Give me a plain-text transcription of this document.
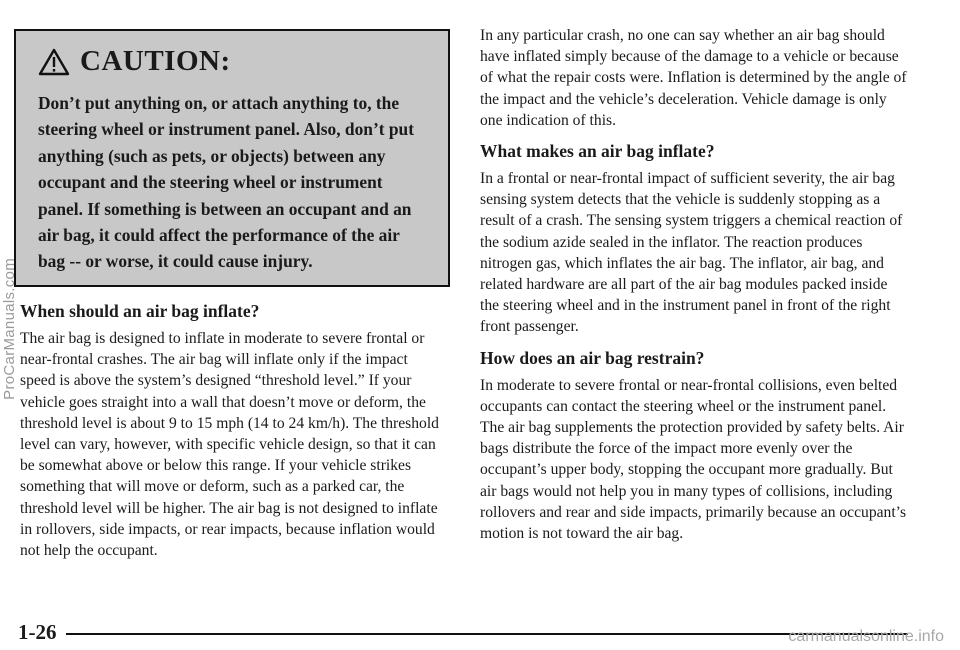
CAUTION:
Don’t put anything on, or attach anything to, the steering wheel or instrument panel. Also, don’t put anything (such as pets, or objects) between any occupant and the steering wheel or instrument panel. If something is between an occupant and an air bag, it could affect the performance of the air bag -- or worse, it could cause injury.
When should an air bag inflate?

The air bag is designed to inflate in moderate to severe frontal or near-frontal crashes. The air bag will inflate only if the impact speed is above the system’s designed “threshold level.” If your vehicle goes straight into a wall that doesn’t move or deform, the threshold level is about 9 to 15 mph (14 to 24 km/h). The threshold level can vary, however, with specific vehicle design, so that it can be somewhat above or below this range. If your vehicle strikes something that will move or deform, such as a parked car, the threshold level will be higher. The air bag is not designed to inflate in rollovers, side impacts, or rear impacts, because inflation would not help the occupant.

In any particular crash, no one can say whether an air bag should have inflated simply because of the damage to a vehicle or because of what the repair costs were. Inflation is determined by the angle of the impact and the vehicle’s deceleration. Vehicle damage is only one indication of this.

What makes an air bag inflate?

In a frontal or near-frontal impact of sufficient severity, the air bag sensing system detects that the vehicle is suddenly stopping as a result of a crash. The sensing system triggers a chemical reaction of the sodium azide sealed in the inflator. The reaction produces nitrogen gas, which inflates the air bag. The inflator, air bag, and related hardware are all part of the air bag modules packed inside the steering wheel and in the instrument panel in front of the right front passenger.

How does an air bag restrain?

In moderate to severe frontal or near-frontal collisions, even belted occupants can contact the steering wheel or the instrument panel. The air bag supplements the protection provided by safety belts. Air bags distribute the force of the impact more evenly over the occupant’s upper body, stopping the occupant more gradually. But air bags would not help you in many types of collisions, including rollovers and rear and side impacts, primarily because an occupant’s motion is not toward the air bag.

1-26
ProCarManuals.com
carmanualsonline.info
